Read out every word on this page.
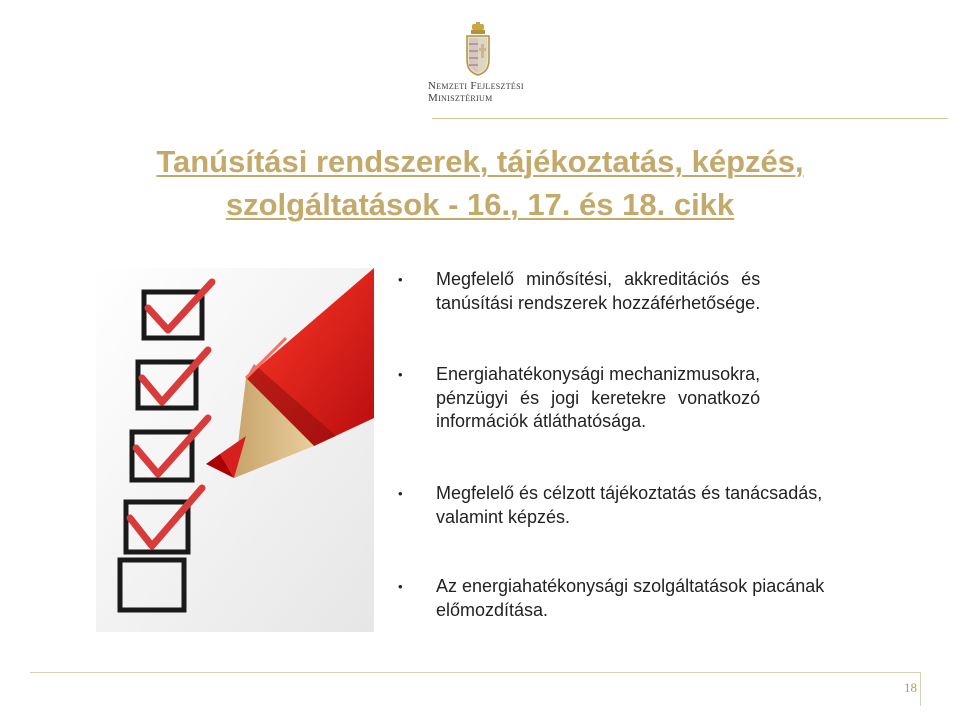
Nemzeti Fejlesztési
Minisztérium
Tanúsítási rendszerek, tájékoztatás, képzés,
szolgáltatások - 16., 17. és 18. cikk
• Megfelelő minősítési, akkreditációs és
tanúsítási rendszerek hozzáférhetősége.
• Energiahatékonysági mechanizmusokra,
pénzügyi és jogi keretekre vonatkozó
információk átláthatósága.
• Megfelelő és célzott tájékoztatás és tanácsadás,
valamint képzés.
• Az energiahatékonysági szolgáltatások piacának
előmozdítása.
18
